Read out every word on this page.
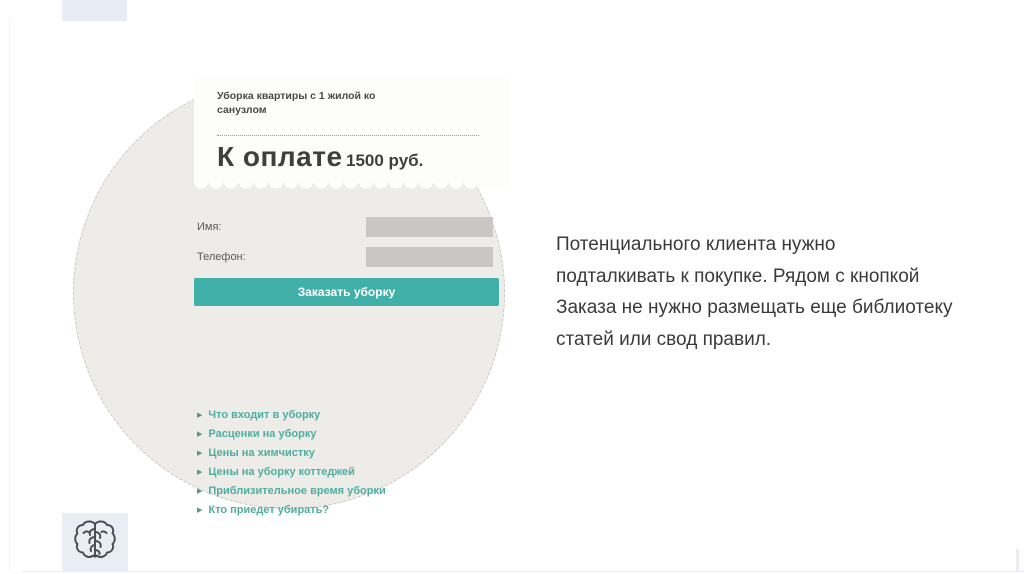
Уборка квартиры с 1 жилой ко
санузлом
К оплате 1500 руб.
Имя:
Телефон:
Заказать уборку
▶ Что входит в уборку
▶ Расценки на уборку
▶ Цены на химчистку
▶ Цены на уборку коттеджей
▶ Приблизительное время уборки
▶ Кто приедет убирать?
Потенциального клиента нужно
подталкивать к покупке. Рядом с кнопкой
Заказа не нужно размещать еще библиотеку
статей или свод правил.
